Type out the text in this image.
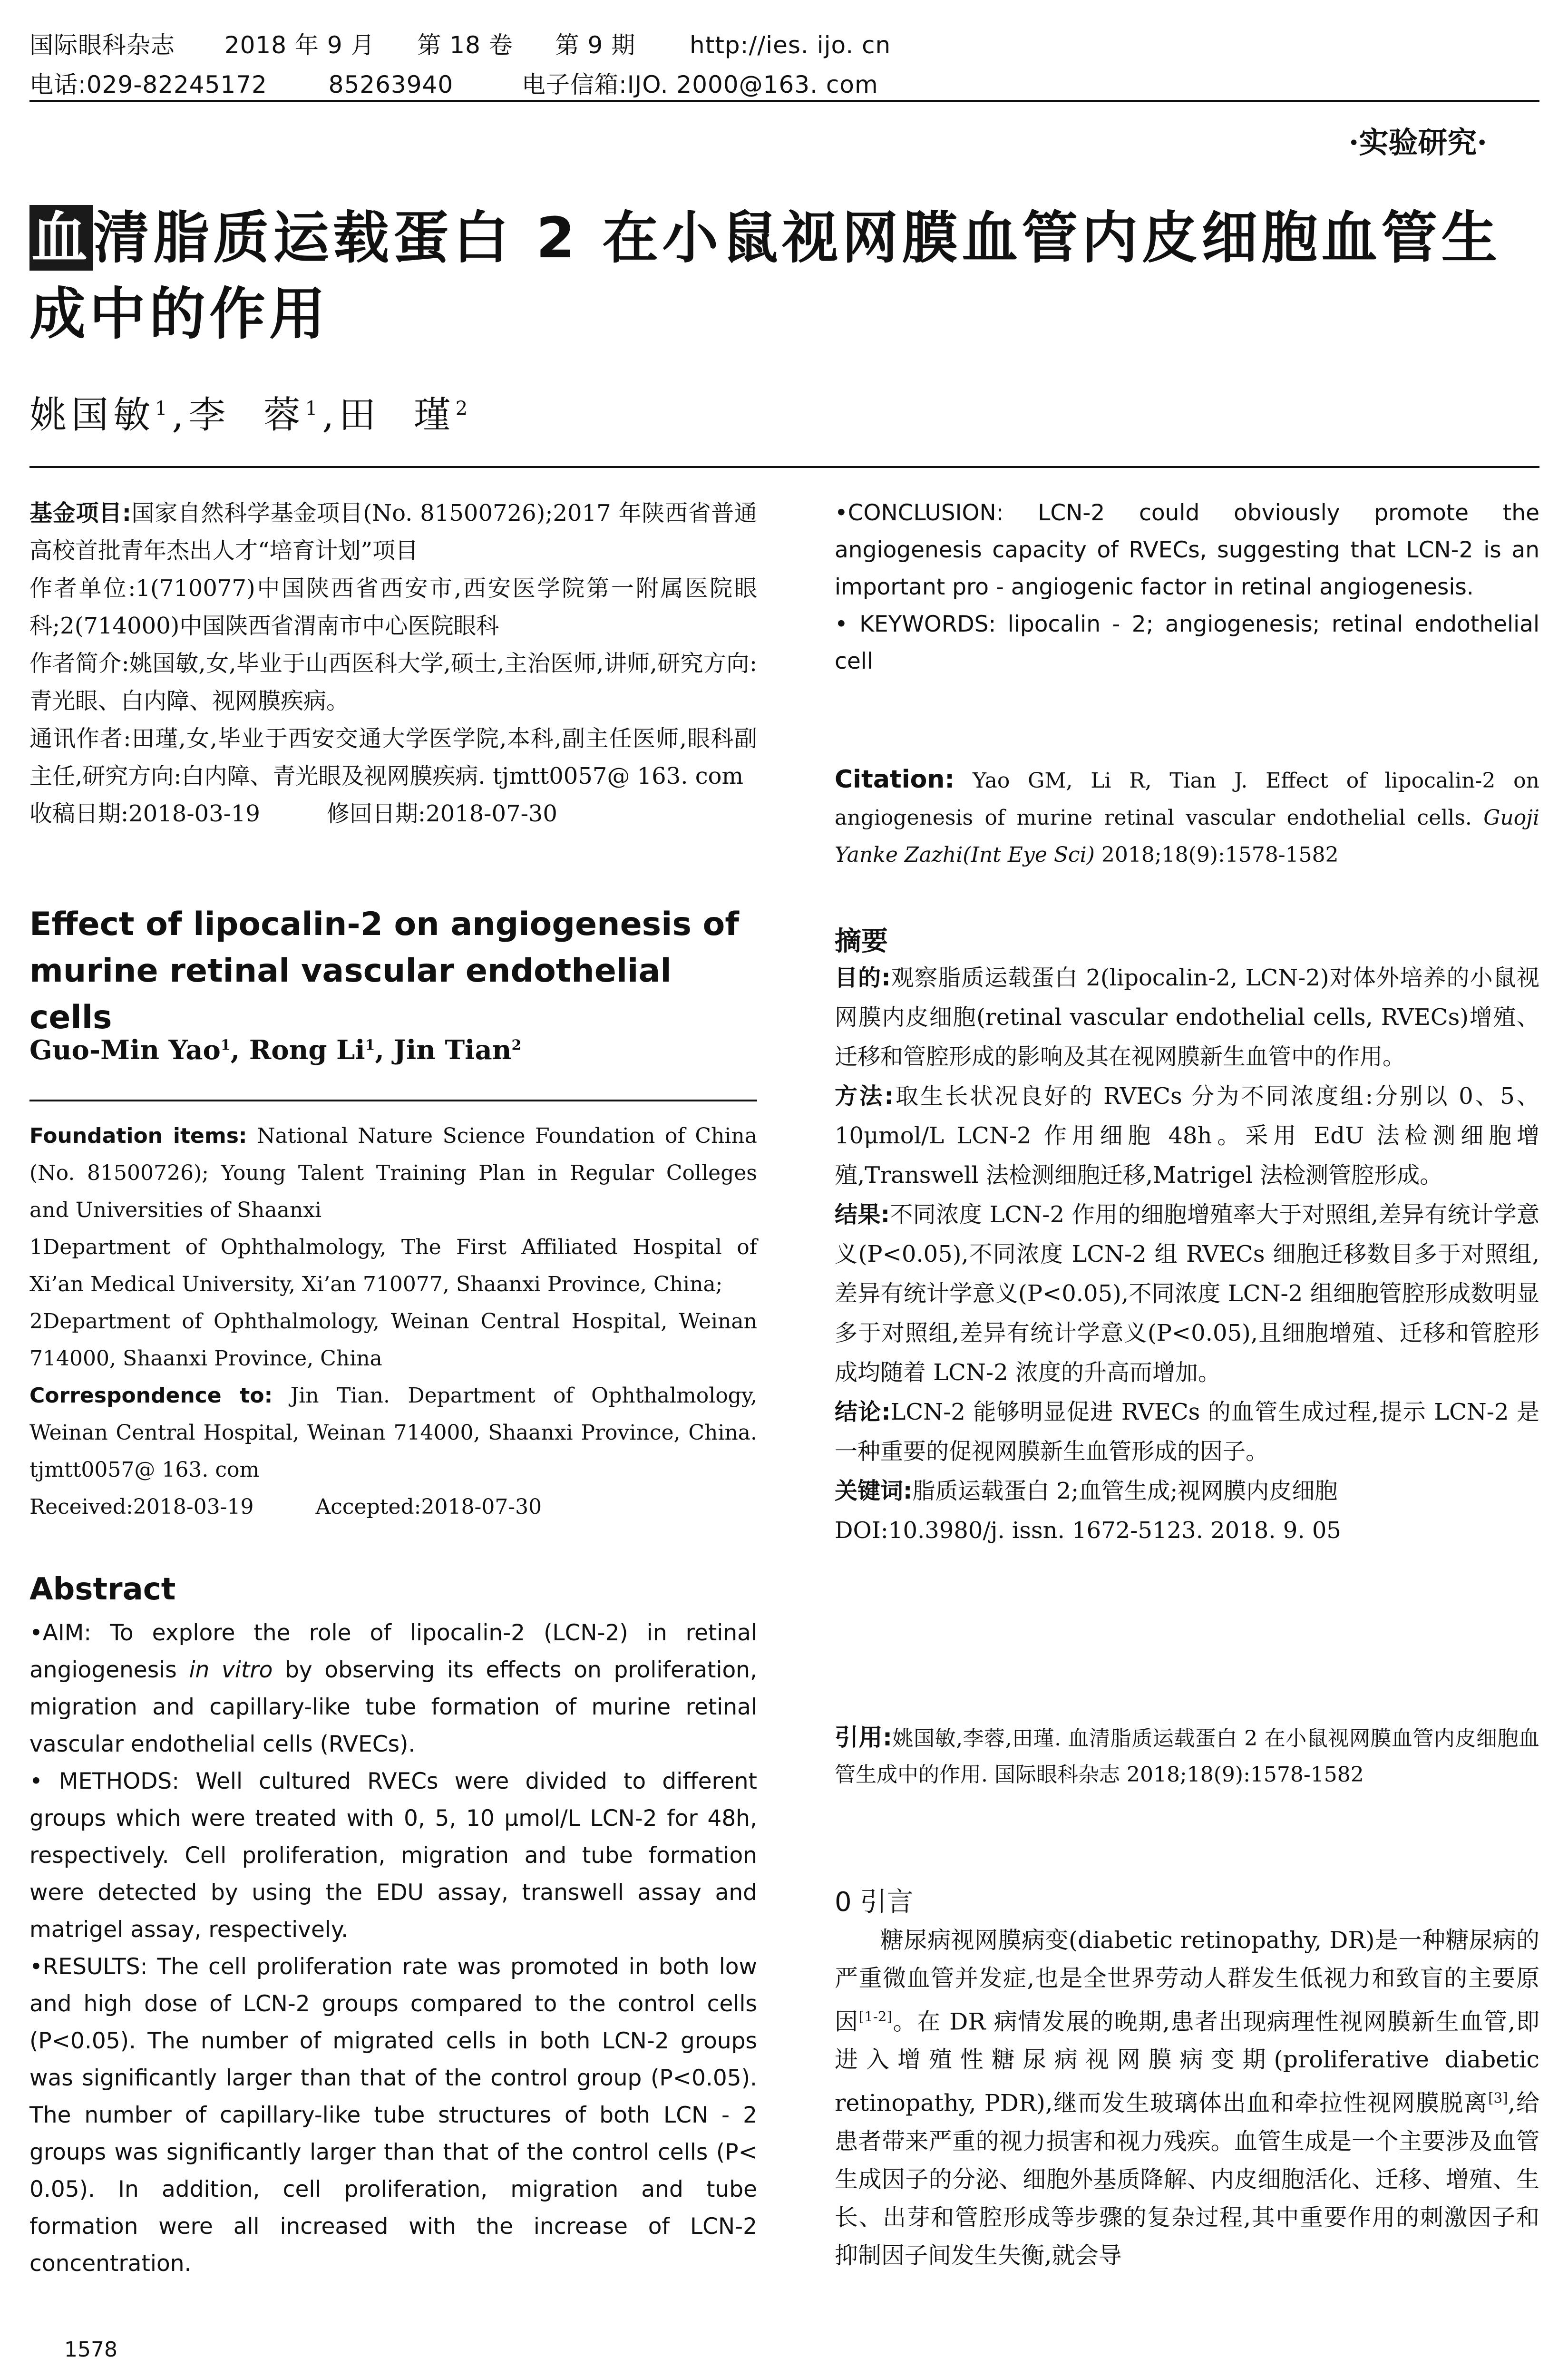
国际眼科杂志 2018 年 9 月 第 18 卷 第 9 期 http://ies. ijo. cn
电话:029-82245172	85263940	电子信箱:IJO. 2000@163. com
·实验研究·
血清脂质运载蛋白 2 在小鼠视网膜血管内皮细胞血管生成中的作用
姚国敏$^1$,李  蓉$^1$,田  瑾$^2$
基金项目:国家自然科学基金项目(No. 81500726);2017 年陕西省普通高校首批青年杰出人才“培育计划”项目
作者单位:1(710077)中国陕西省西安市,西安医学院第一附属医院眼科;2(714000)中国陕西省渭南市中心医院眼科
作者简介:姚国敏,女,毕业于山西医科大学,硕士,主治医师,讲师,研究方向:青光眼、白内障、视网膜疾病。
通讯作者:田瑾,女,毕业于西安交通大学医学院,本科,副主任医师,眼科副主任,研究方向:白内障、青光眼及视网膜疾病. tjmtt0057@ 163. com
收稿日期:2018-03-19	修回日期:2018-07-30
Effect of lipocalin-2 on angiogenesis of murine retinal vascular endothelial cells
Guo-Min Yao$^1$, Rong Li$^1$, Jin Tian$^2$
Foundation items: National Nature Science Foundation of China (No. 81500726); Young Talent Training Plan in Regular Colleges and Universities of Shaanxi
1Department of Ophthalmology, The First Affiliated Hospital of Xi’an Medical University, Xi’an 710077, Shaanxi Province, China;
2Department of Ophthalmology, Weinan Central Hospital, Weinan 714000, Shaanxi Province, China
Correspondence to: Jin Tian. Department of Ophthalmology, Weinan Central Hospital, Weinan 714000, Shaanxi Province, China. tjmtt0057@ 163. com
Received:2018-03-19	Accepted:2018-07-30
Abstract
•AIM: To explore the role of lipocalin-2 (LCN-2) in retinal angiogenesis in vitro by observing its effects on proliferation, migration and capillary-like tube formation of murine retinal vascular endothelial cells (RVECs).
• METHODS: Well cultured RVECs were divided to different groups which were treated with 0, 5, 10 μmol/L LCN-2 for 48h, respectively. Cell proliferation, migration and tube formation were detected by using the EDU assay, transwell assay and matrigel assay, respectively.
•RESULTS: The cell proliferation rate was promoted in both low and high dose of LCN-2 groups compared to the control cells (P<0.05). The number of migrated cells in both LCN-2 groups was significantly larger than that of the control group (P<0.05). The number of capillary-like tube structures of both LCN - 2 groups was significantly larger than that of the control cells (P< 0.05). In addition, cell proliferation, migration and tube formation were all increased with the increase of LCN-2 concentration.
•CONCLUSION: LCN-2 could obviously promote the angiogenesis capacity of RVECs, suggesting that LCN-2 is an important pro - angiogenic factor in retinal angiogenesis.
• KEYWORDS: lipocalin - 2; angiogenesis; retinal endothelial cell
Citation: Yao GM, Li R, Tian J. Effect of lipocalin-2 on angiogenesis of murine retinal vascular endothelial cells. Guoji Yanke Zazhi(Int Eye Sci) 2018;18(9):1578-1582
摘要
目的:观察脂质运载蛋白 2(lipocalin-2, LCN-2)对体外培养的小鼠视网膜内皮细胞(retinal vascular endothelial cells, RVECs)增殖、迁移和管腔形成的影响及其在视网膜新生血管中的作用。
方法:取生长状况良好的 RVECs 分为不同浓度组:分别以 0、5、10μmol/L LCN-2 作用细胞 48h。采用 EdU 法检测细胞增殖,Transwell 法检测细胞迁移,Matrigel 法检测管腔形成。
结果:不同浓度 LCN-2 作用的细胞增殖率大于对照组,差异有统计学意义(P<0.05),不同浓度 LCN-2 组 RVECs 细胞迁移数目多于对照组,差异有统计学意义(P<0.05),不同浓度 LCN-2 组细胞管腔形成数明显多于对照组,差异有统计学意义(P<0.05),且细胞增殖、迁移和管腔形成均随着 LCN-2 浓度的升高而增加。
结论:LCN-2 能够明显促进 RVECs 的血管生成过程,提示 LCN-2 是一种重要的促视网膜新生血管形成的因子。
关键词:脂质运载蛋白 2;血管生成;视网膜内皮细胞
DOI:10.3980/j. issn. 1672-5123. 2018. 9. 05
引用:姚国敏,李蓉,田瑾. 血清脂质运载蛋白 2 在小鼠视网膜血管内皮细胞血管生成中的作用. 国际眼科杂志 2018;18(9):1578-1582
0 引言
糖尿病视网膜病变(diabetic retinopathy, DR)是一种糖尿病的严重微血管并发症,也是全世界劳动人群发生低视力和致盲的主要原因[1-2]。在 DR 病情发展的晚期,患者出现病理性视网膜新生血管,即进入增殖性糖尿病视网膜病变期(proliferative diabetic retinopathy, PDR),继而发生玻璃体出血和牵拉性视网膜脱离[3],给患者带来严重的视力损害和视力残疾。血管生成是一个主要涉及血管生成因子的分泌、细胞外基质降解、内皮细胞活化、迁移、增殖、生长、出芽和管腔形成等步骤的复杂过程,其中重要作用的刺激因子和抑制因子间发生失衡,就会导
1578
